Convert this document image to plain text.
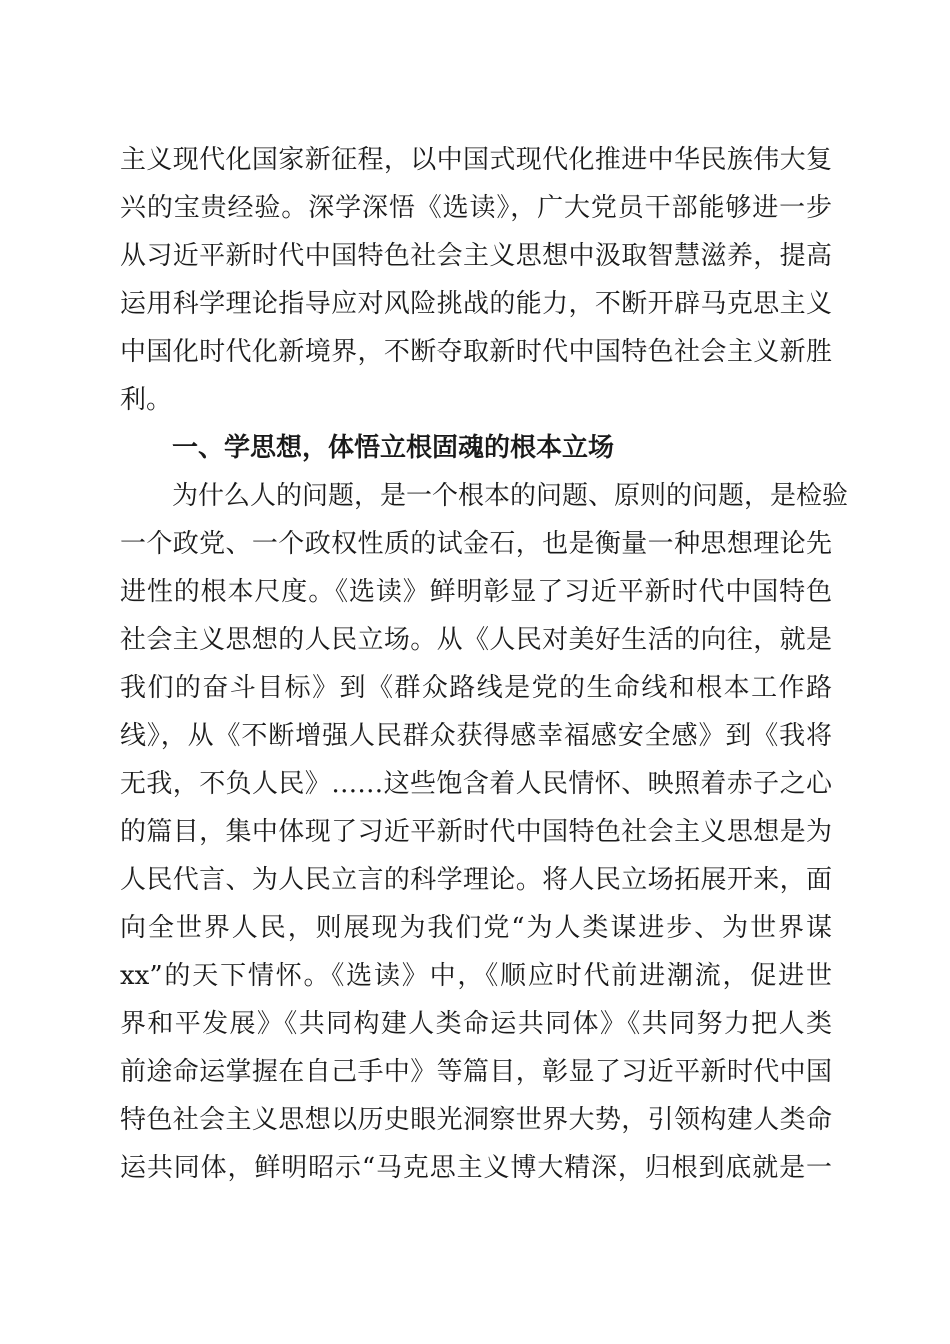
主义现代化国家新征程，以中国式现代化推进中华民族伟大复
兴的宝贵经验。深学深悟《选读》，广大党员干部能够进一步
从习近平新时代中国特色社会主义思想中汲取智慧滋养，提高
运用科学理论指导应对风险挑战的能力，不断开辟马克思主义
中国化时代化新境界，不断夺取新时代中国特色社会主义新胜
利。
一、学思想，体悟立根固魂的根本立场
为什么人的问题，是一个根本的问题、原则的问题，是检验
一个政党、一个政权性质的试金石，也是衡量一种思想理论先
进性的根本尺度。《选读》鲜明彰显了习近平新时代中国特色
社会主义思想的人民立场。从《人民对美好生活的向往，就是
我们的奋斗目标》到《群众路线是党的生命线和根本工作路
线》，从《不断增强人民群众获得感幸福感安全感》到《我将
无我，不负人民》……这些饱含着人民情怀、映照着赤子之心
的篇目，集中体现了习近平新时代中国特色社会主义思想是为
人民代言、为人民立言的科学理论。将人民立场拓展开来，面
向全世界人民，则展现为我们党“为人类谋进步、为世界谋
xx”的天下情怀。《选读》中，《顺应时代前进潮流，促进世
界和平发展》《共同构建人类命运共同体》《共同努力把人类
前途命运掌握在自己手中》等篇目，彰显了习近平新时代中国
特色社会主义思想以历史眼光洞察世界大势，引领构建人类命
运共同体，鲜明昭示“马克思主义博大精深，归根到底就是一
